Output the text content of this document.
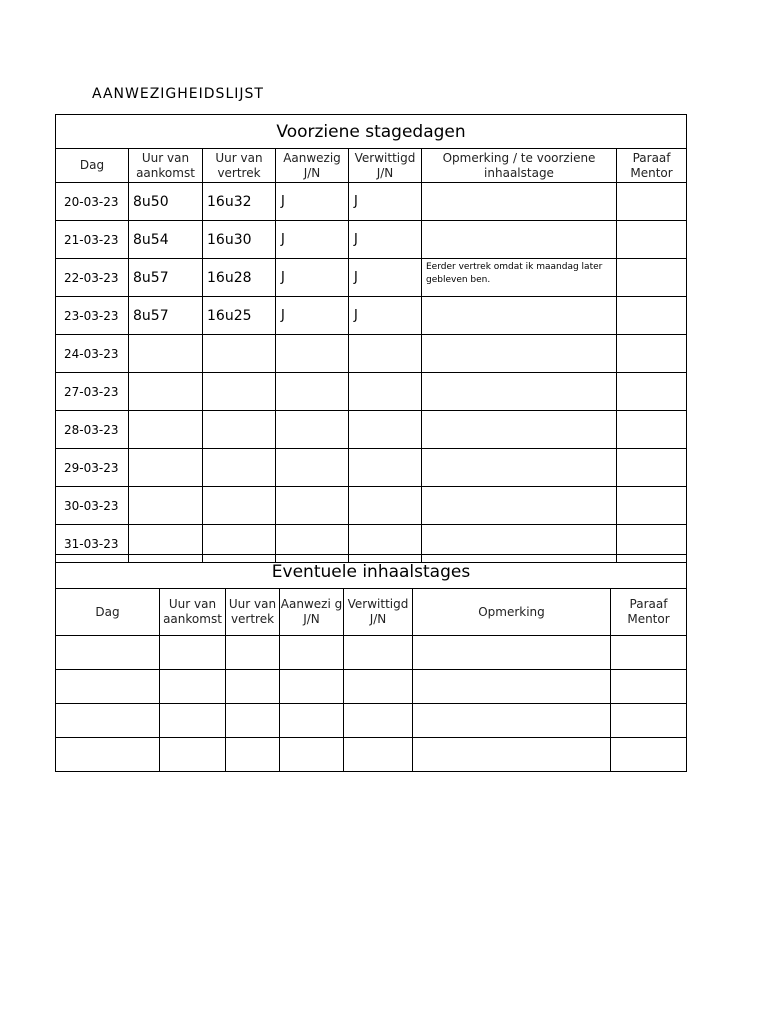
AANWEZIGHEIDSLIJST
Voorziene stagedagen						
Dag	Uur van aankomst	Uur van vertrek	Aanwezig J/N	Verwittigd J/N	Opmerking / te voorziene inhaalstage	Paraaf Mentor
20-03-23	8u50	16u32	J	J		
21-03-23	8u54	16u30	J	J		
22-03-23	8u57	16u28	J	J	Eerder vertrek omdat ik maandag later gebleven ben.	
23-03-23	8u57	16u25	J	J		
24-03-23						
27-03-23						
28-03-23						
29-03-23						
30-03-23						
31-03-23						
Eventuele inhaalstages						
Dag	Uur van aankomst	Uur van vertrek	Aanwezi g J/N	Verwittigd J/N	Opmerking	Paraaf Mentor
